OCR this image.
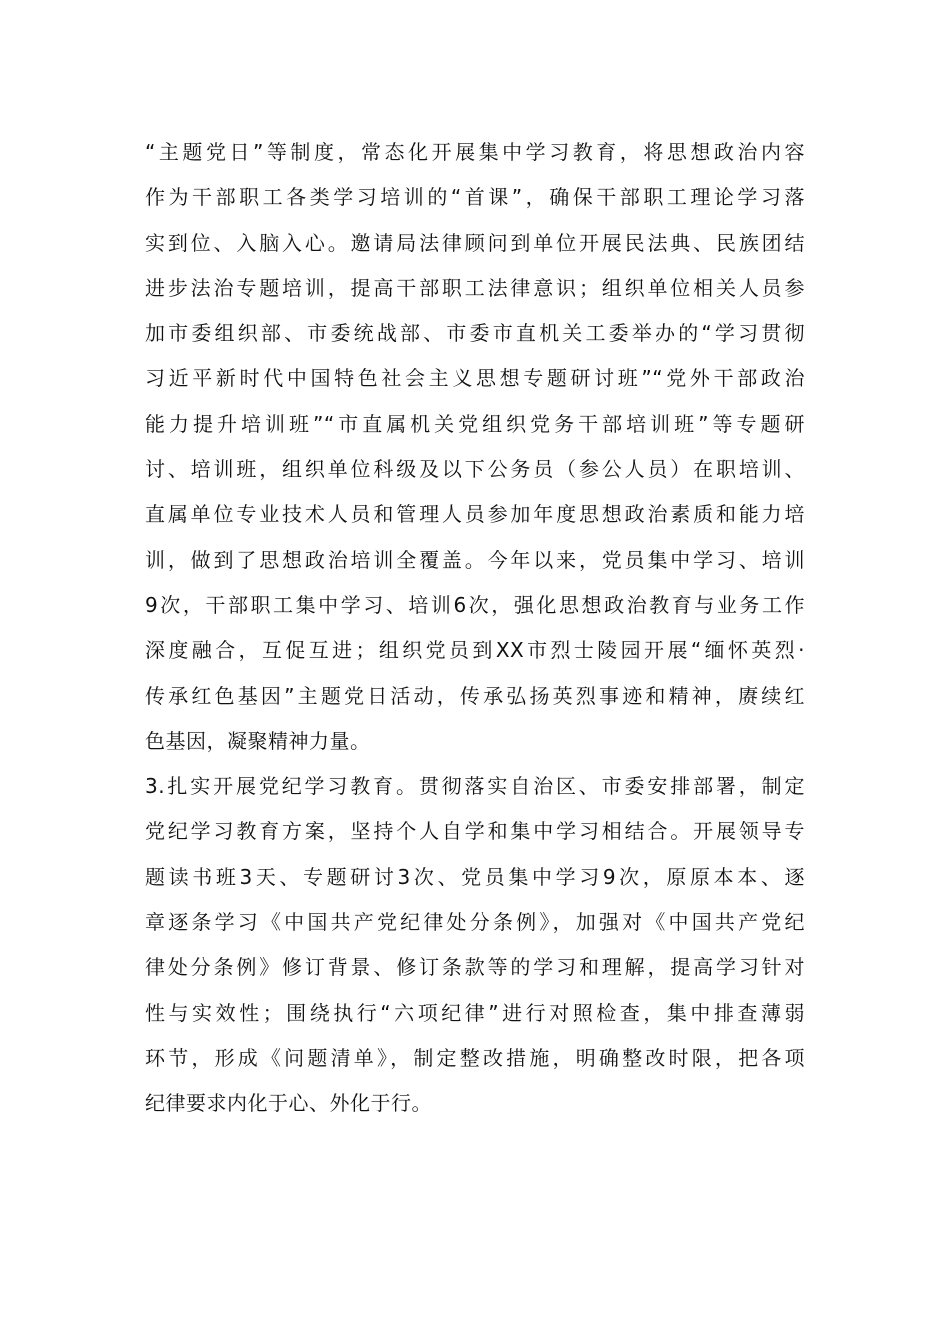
“主题党日”等制度，常态化开展集中学习教育，将思想政治内容
作为干部职工各类学习培训的“首课”，确保干部职工理论学习落
实到位、入脑入心。邀请局法律顾问到单位开展民法典、民族团结
进步法治专题培训，提高干部职工法律意识；组织单位相关人员参
加市委组织部、市委统战部、市委市直机关工委举办的“学习贯彻
习近平新时代中国特色社会主义思想专题研讨班”“党外干部政治
能力提升培训班”“市直属机关党组织党务干部培训班”等专题研
讨、培训班，组织单位科级及以下公务员（参公人员）在职培训、
直属单位专业技术人员和管理人员参加年度思想政治素质和能力培
训，做到了思想政治培训全覆盖。今年以来，党员集中学习、培训
9次，干部职工集中学习、培训6次，强化思想政治教育与业务工作
深度融合，互促互进；组织党员到XX市烈士陵园开展“缅怀英烈·
传承红色基因”主题党日活动，传承弘扬英烈事迹和精神，赓续红
色基因，凝聚精神力量。
3.扎实开展党纪学习教育。贯彻落实自治区、市委安排部署，制定
党纪学习教育方案，坚持个人自学和集中学习相结合。开展领导专
题读书班3天、专题研讨3次、党员集中学习9次，原原本本、逐
章逐条学习《中国共产党纪律处分条例》，加强对《中国共产党纪
律处分条例》修订背景、修订条款等的学习和理解，提高学习针对
性与实效性；围绕执行“六项纪律”进行对照检查，集中排查薄弱
环节，形成《问题清单》，制定整改措施，明确整改时限，把各项
纪律要求内化于心、外化于行。
